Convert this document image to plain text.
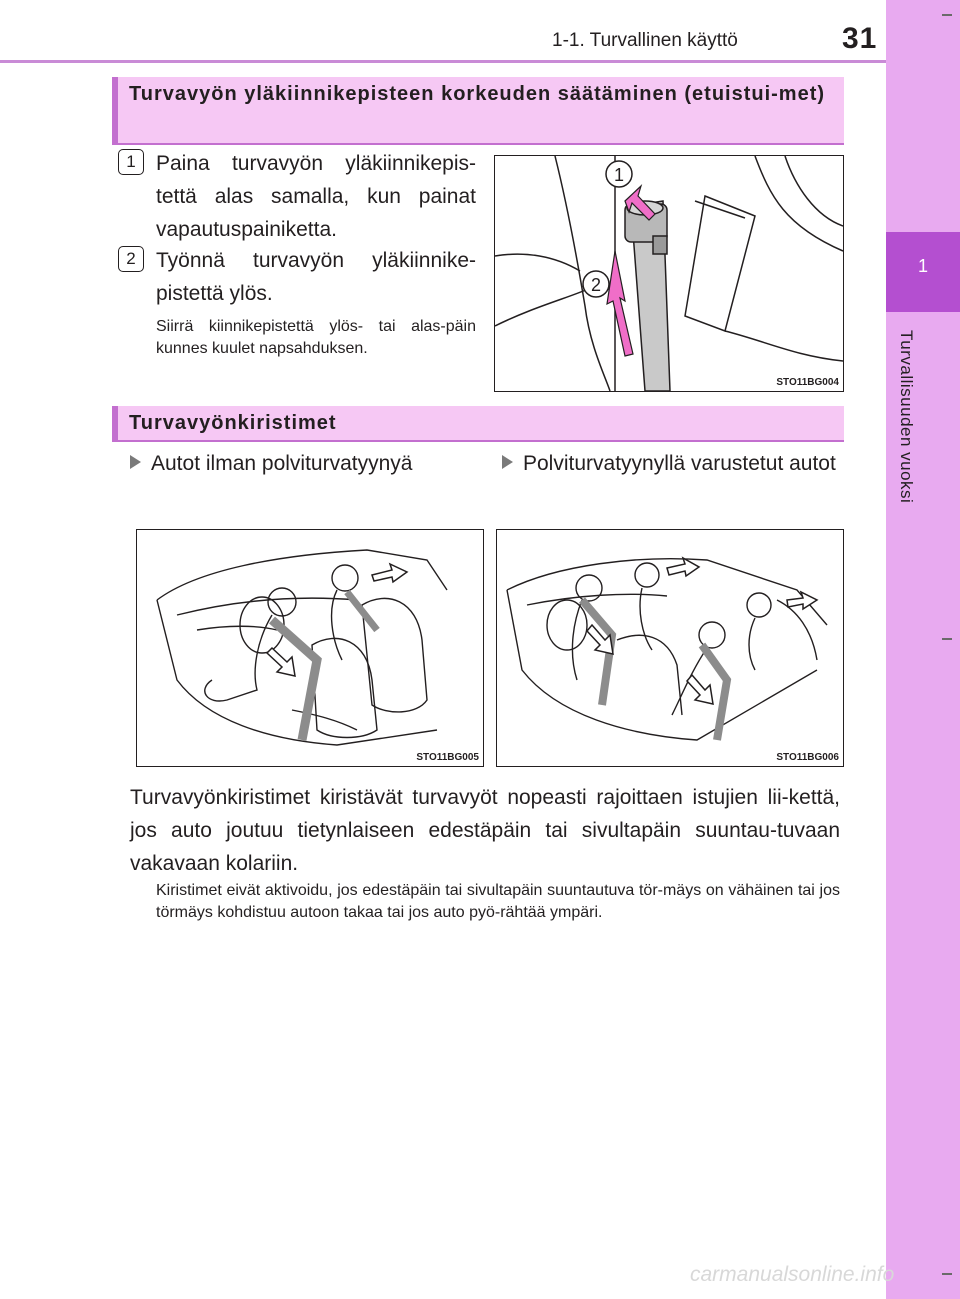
1-1. Turvallinen käyttö	31
1
Turvallisuuden vuoksi
Turvavyön yläkiinnikepisteen korkeuden säätäminen (etuistui-met)
1 Paina turvavyön yläkiinnikepis-tettä alas samalla, kun painat vapautuspainiketta.
2 Työnnä turvavyön yläkiinnike-pistettä ylös.
Siirrä kiinnikepistettä ylös- tai alas-päin kunnes kuulet napsahduksen.
1
2
STO11BG004
Turvavyönkiristimet
Autot ilman polviturvatyynyä	Polviturvatyynyllä varustetut autot
STO11BG005	STO11BG006
Turvavyönkiristimet kiristävät turvavyöt nopeasti rajoittaen istujien lii-kettä, jos auto joutuu tietynlaiseen edestäpäin tai sivultapäin suuntau-tuvaan vakavaan kolariin.
Kiristimet eivät aktivoidu, jos edestäpäin tai sivultapäin suuntautuva tör-mäys on vähäinen tai jos törmäys kohdistuu autoon takaa tai jos auto pyö-rähtää ympäri.
carmanualsonline.info
